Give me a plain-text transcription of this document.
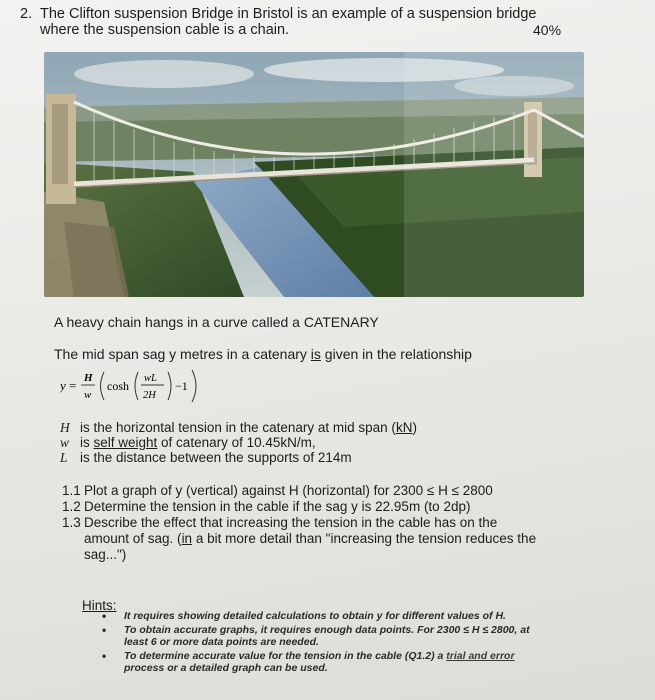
2. The Clifton suspension Bridge in Bristol is an example of a suspension bridge
where the suspension cable is a chain.	40%
A heavy chain hangs in a curve called a CATENARY
The mid span sag y metres in a catenary is given in the relationship
y = H
w
cosh
wL
2H
−1
H is the horizontal tension in the catenary at mid span (kN)
w is self weight of catenary of 10.45kN/m,
L is the distance between the supports of 214m
1.1 Plot a graph of y (vertical) against H (horizontal) for 2300 ≤ H ≤ 2800
1.2 Determine the tension in the cable if the sag y is 22.95m (to 2dp)
1.3 Describe the effect that increasing the tension in the cable has on the
amount of sag. (in a bit more detail than "increasing the tension reduces the
sag...")
Hints:
• It requires showing detailed calculations to obtain y for different values of H.
• To obtain accurate graphs, it requires enough data points. For 2300 ≤ H ≤ 2800, at least 6 or more data points are needed.
• To determine accurate value for the tension in the cable (Q1.2) a trial and error process or a detailed graph can be used.
